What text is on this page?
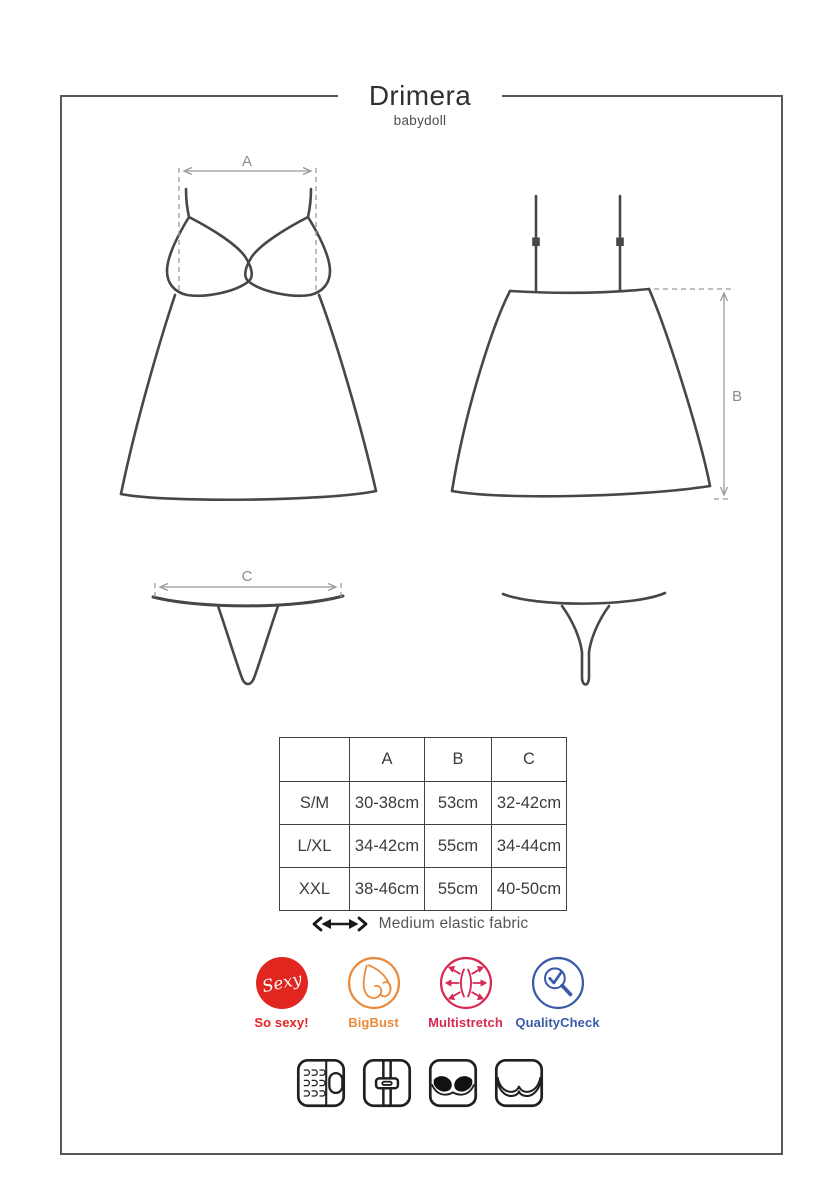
Drimera
babydoll
A
B
C
	A	B	C
S/M	30-38cm	53cm	32-42cm
L/XL	34-42cm	55cm	34-44cm
XXL	38-46cm	55cm	40-50cm
Medium elastic fabric
Sexy
So sexy!	BigBust Multistretch QualityCheck
